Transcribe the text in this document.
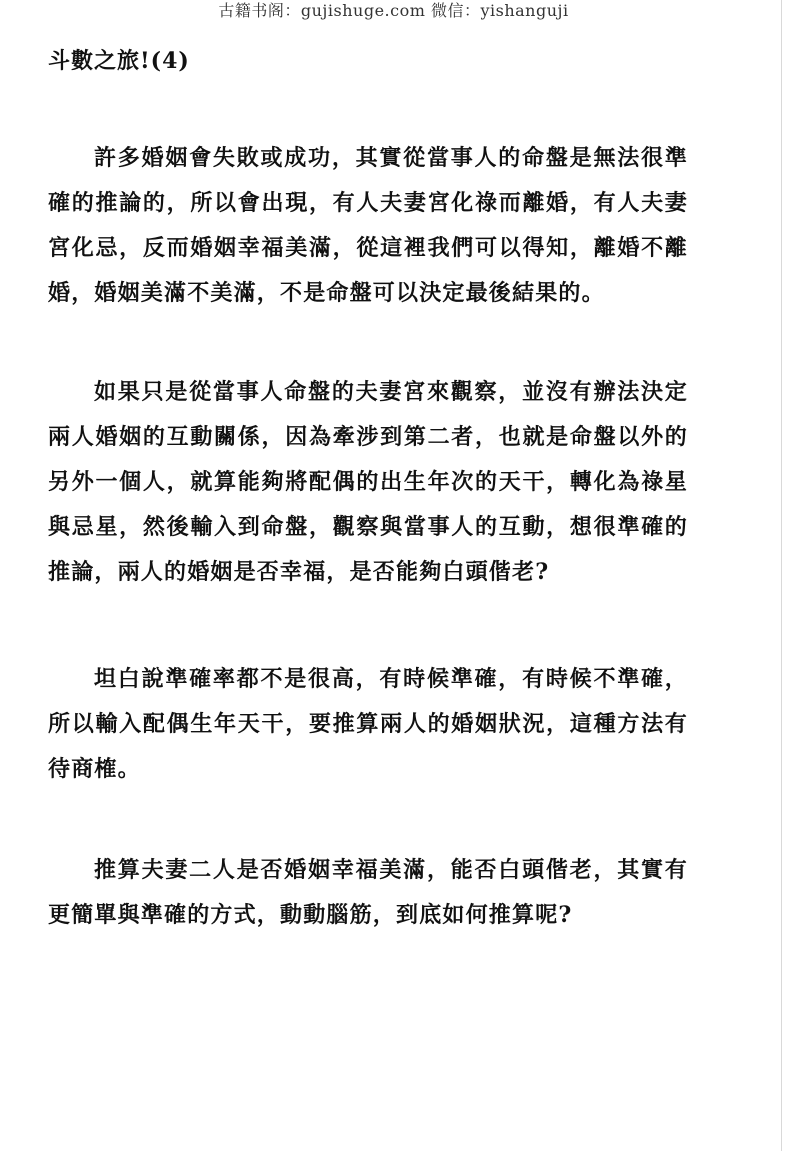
古籍书阁：gujishuge.com 微信：yishanguji
斗數之旅!(4)

許多婚姻會失敗或成功，其實從當事人的命盤是無法很準確的推論的，所以會出現，有人夫妻宮化祿而離婚，有人夫妻宮化忌，反而婚姻幸福美滿，從這裡我們可以得知，離婚不離婚，婚姻美滿不美滿，不是命盤可以決定最後結果的。

如果只是從當事人命盤的夫妻宮來觀察，並沒有辦法決定兩人婚姻的互動關係，因為牽涉到第二者，也就是命盤以外的另外一個人，就算能夠將配偶的出生年次的天干，轉化為祿星與忌星，然後輸入到命盤，觀察與當事人的互動，想很準確的推論，兩人的婚姻是否幸福，是否能夠白頭偕老?

坦白說準確率都不是很高，有時候準確，有時候不準確，所以輸入配偶生年天干，要推算兩人的婚姻狀況，這種方法有待商榷。

推算夫妻二人是否婚姻幸福美滿，能否白頭偕老，其實有更簡單與準確的方式，動動腦筋，到底如何推算呢?
